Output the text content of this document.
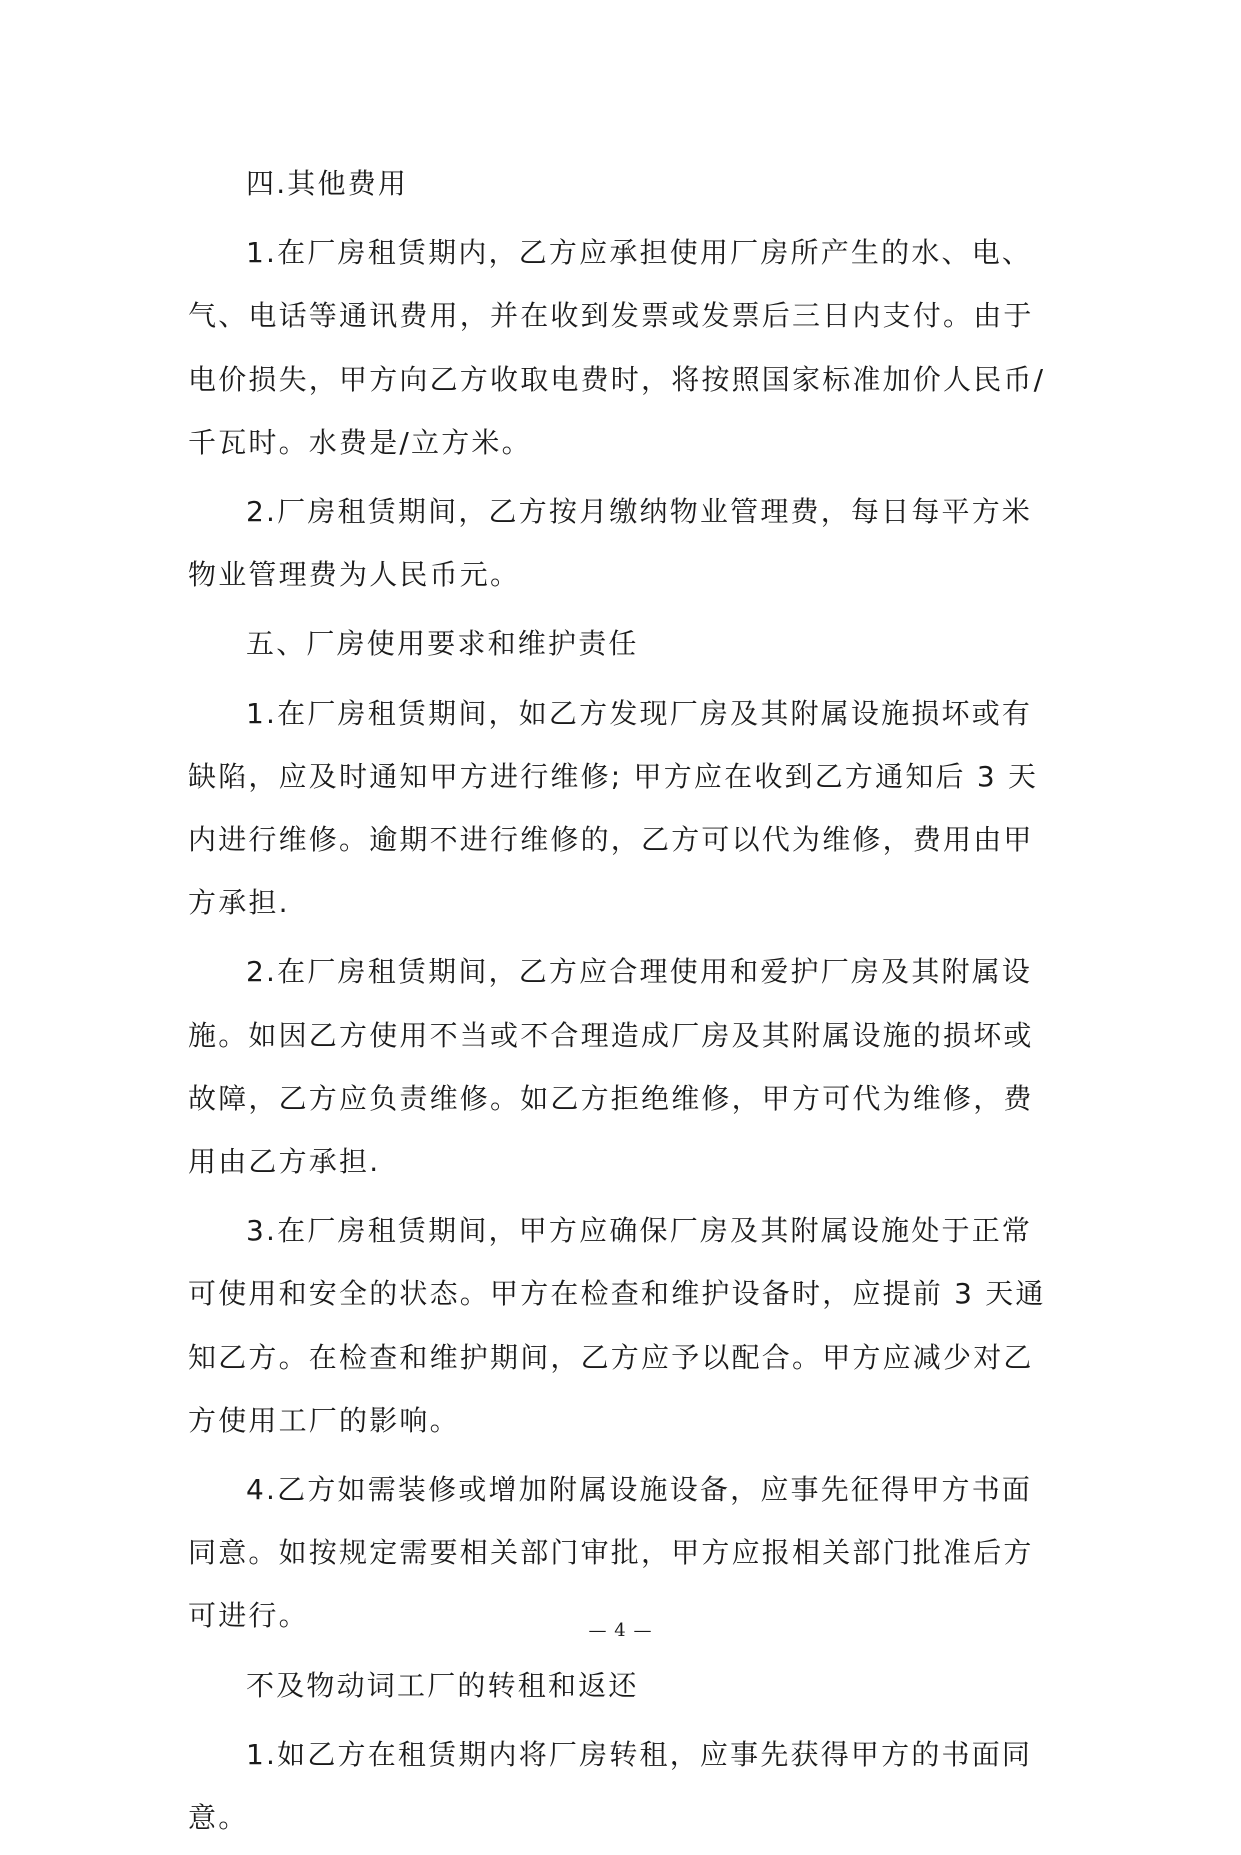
四.其他费用

1.在厂房租赁期内，乙方应承担使用厂房所产生的水、电、气、电话等通讯费用，并在收到发票或发票后三日内支付。由于电价损失，甲方向乙方收取电费时，将按照国家标准加价人民币/千瓦时。水费是/立方米。

2.厂房租赁期间，乙方按月缴纳物业管理费，每日每平方米物业管理费为人民币元。

五、厂房使用要求和维护责任

1.在厂房租赁期间，如乙方发现厂房及其附属设施损坏或有缺陷，应及时通知甲方进行维修; 甲方应在收到乙方通知后 3 天内进行维修。逾期不进行维修的，乙方可以代为维修，费用由甲方承担.

2.在厂房租赁期间，乙方应合理使用和爱护厂房及其附属设施。如因乙方使用不当或不合理造成厂房及其附属设施的损坏或故障，乙方应负责维修。如乙方拒绝维修，甲方可代为维修，费用由乙方承担.

3.在厂房租赁期间，甲方应确保厂房及其附属设施处于正常可使用和安全的状态。甲方在检查和维护设备时，应提前 3 天通知乙方。在检查和维护期间，乙方应予以配合。甲方应减少对乙方使用工厂的影响。

4.乙方如需装修或增加附属设施设备，应事先征得甲方书面同意。如按规定需要相关部门审批，甲方应报相关部门批准后方可进行。

不及物动词工厂的转租和返还

1.如乙方在租赁期内将厂房转租，应事先获得甲方的书面同意。

— 4 —
